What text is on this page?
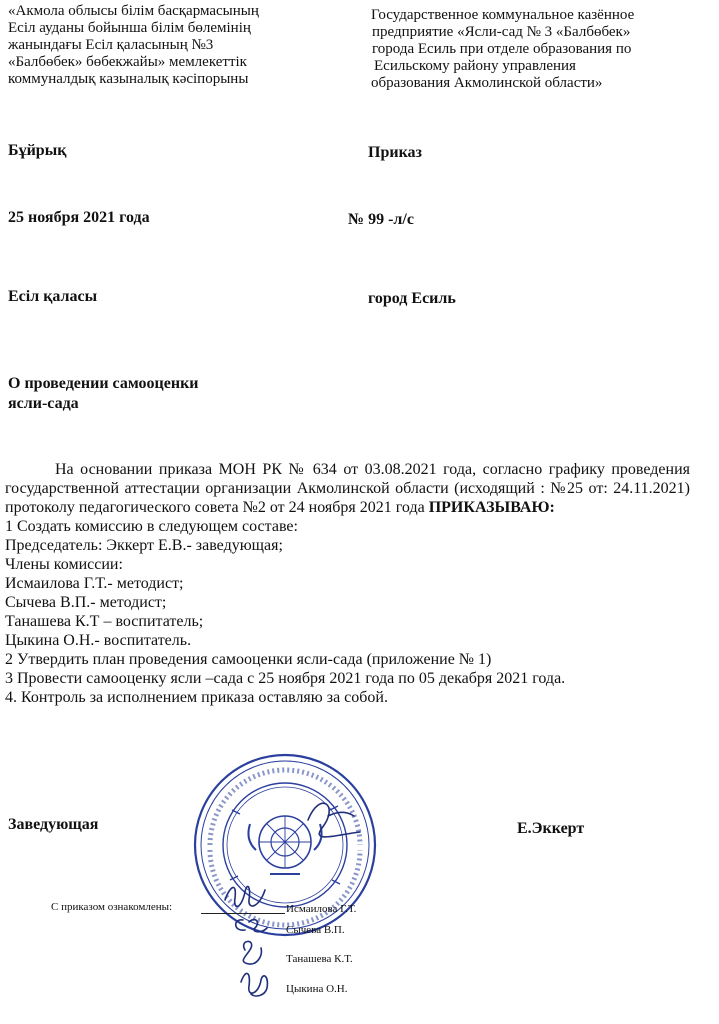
«Акмола облысы білім басқармасының
Есіл ауданы бойынша білім бөлемінің
жанындағы Есіл қаласының №3
«Балбөбек» бөбекжайы» мемлекеттік
коммуналдық казыналық кәсіпорыны
Государственное коммунальное казённое
предприятие «Ясли-сад № 3 «Балбөбек»
города Есиль при отделе образования по
Есильскому району управления
образования Акмолинской области»
Бұйрық	Приказ
25 ноября 2021 года	№ 99 -л/с
Есіл қаласы	город Есиль
О проведении самооценки
ясли-сада
На основании приказа МОН РК № 634 от 03.08.2021 года, согласно графику проведения государственной аттестации организации Акмолинской области (исходящий : №25 от: 24.11.2021) протоколу педагогического совета №2 от 24 ноября 2021 года ПРИКАЗЫВАЮ:
1 Создать комиссию в следующем составе:
Председатель: Эккерт Е.В.- заведующая;
Члены комиссии:
Исмаилова Г.Т.- методист;
Сычева В.П.- методист;
Танашева К.Т – воспитатель;
Цыкина О.Н.- воспитатель.
2 Утвердить план проведения самооценки ясли-сада (приложение № 1)
3 Провести самооценку ясли –сада с 25 ноября 2021 года по 05 декабря 2021 года.
4. Контроль за исполнением приказа оставляю за собой.
Заведующая	Е.Эккерт
С приказом ознакомлены:	Исмаилова Г.Т.
Сычева В.П.
Танашева К.Т.
Цыкина О.Н.
